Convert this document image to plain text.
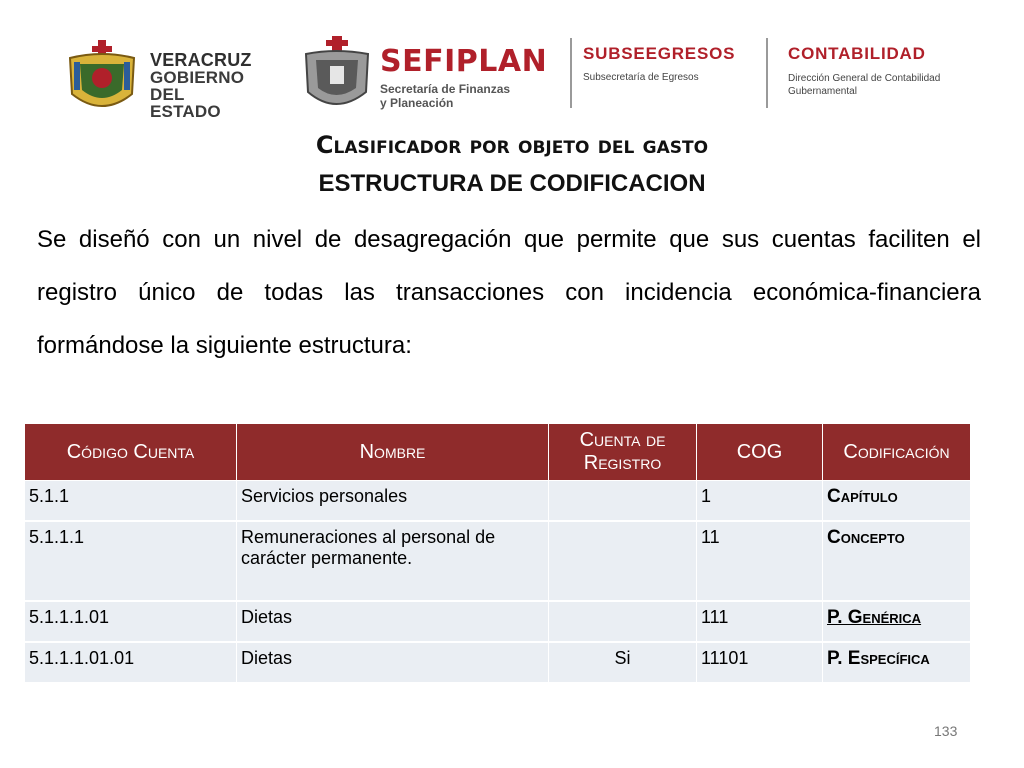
VERACRUZ
GOBIERNO
DEL ESTADO
SEFIPLAN
Secretaría de Finanzas
y Planeación
SUBSEEGRESOS
Subsecretaría de Egresos
CONTABILIDAD
Dirección General de Contabilidad
Gubernamental
Clasificador por objeto del gasto
ESTRUCTURA DE CODIFICACION
Se diseñó con un nivel de desagregación que permite que sus cuentas faciliten el registro único de todas las transacciones con incidencia económica-financiera formándose la siguiente estructura:
Código Cuenta	Nombre	Cuenta de Registro	COG	Codificación
5.1.1	Servicios personales		1	Capítulo
5.1.1.1	Remuneraciones al personal de carácter permanente.		11	Concepto
5.1.1.1.01	Dietas		111	P. Genérica
5.1.1.1.01.01	Dietas	Si	11101	P. Específica
133
